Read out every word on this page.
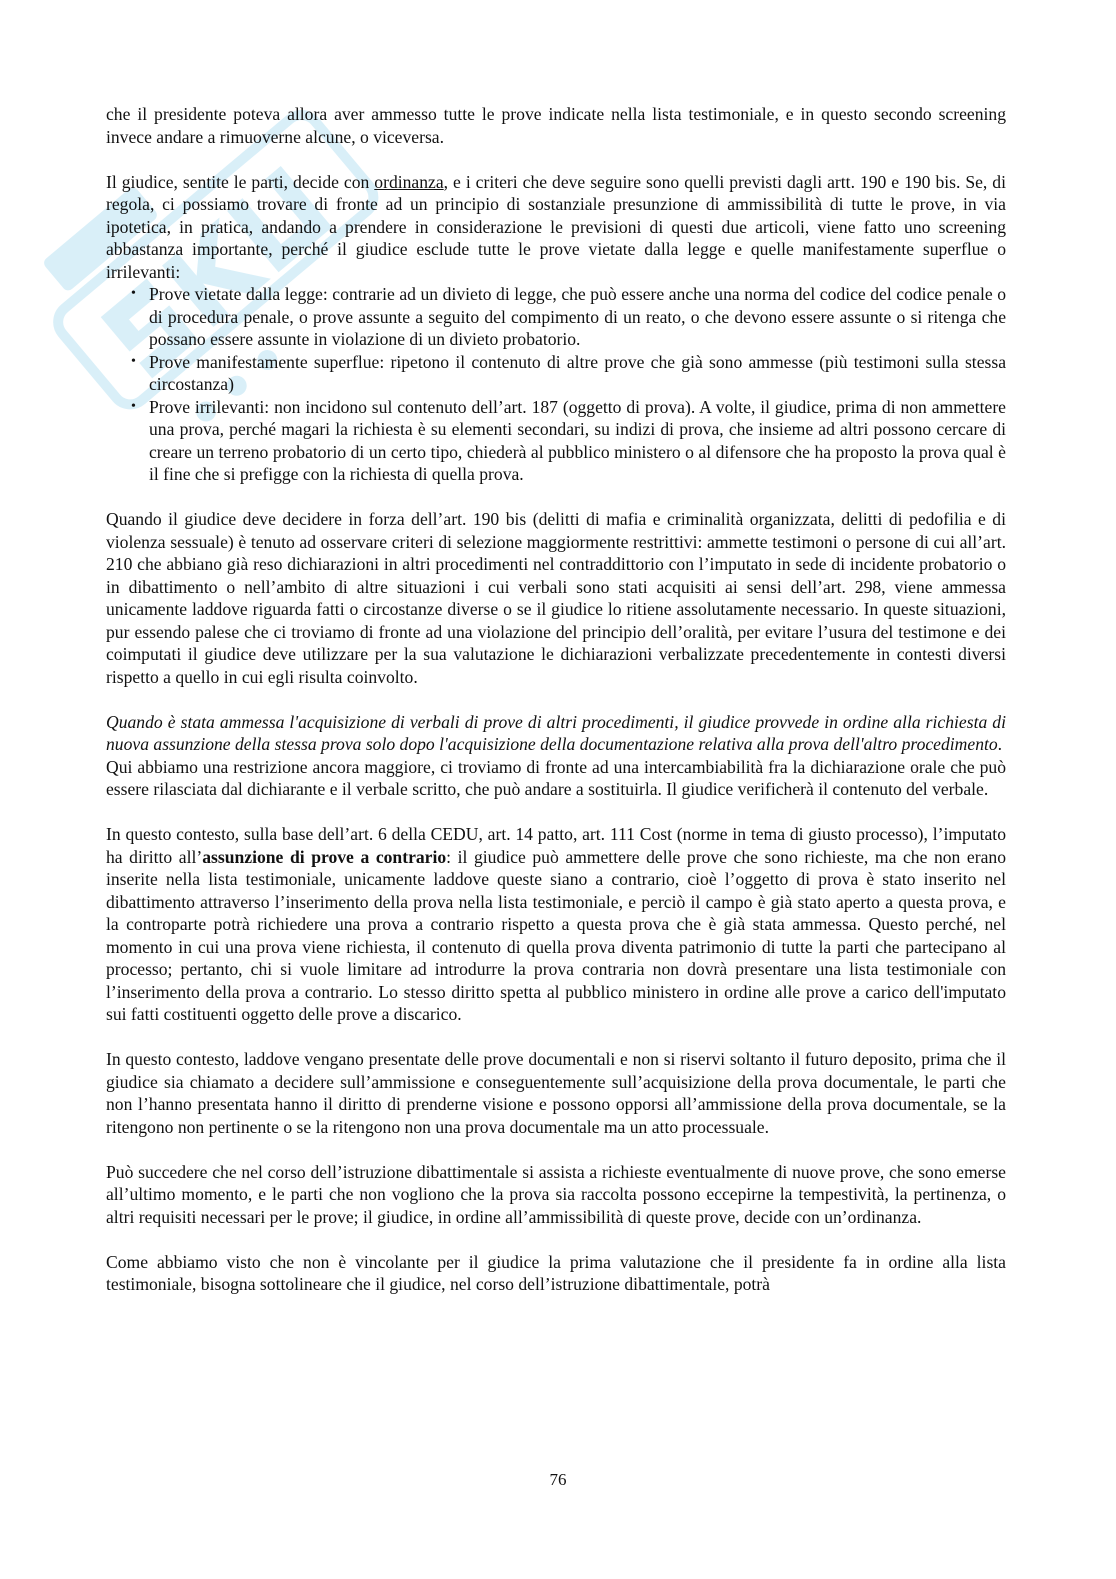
che il presidente poteva allora aver ammesso tutte le prove indicate nella lista testimoniale, e in questo secondo screening invece andare a rimuoverne alcune, o viceversa.

Il giudice, sentite le parti, decide con ordinanza, e i criteri che deve seguire sono quelli previsti dagli artt. 190 e 190 bis. Se, di regola, ci possiamo trovare di fronte ad un principio di sostanziale presunzione di ammissibilità di tutte le prove, in via ipotetica, in pratica, andando a prendere in considerazione le previsioni di questi due articoli, viene fatto uno screening abbastanza importante, perché il giudice esclude tutte le prove vietate dalla legge e quelle manifestamente superflue o irrilevanti:

• Prove vietate dalla legge: contrarie ad un divieto di legge, che può essere anche una norma del codice del codice penale o di procedura penale, o prove assunte a seguito del compimento di un reato, o che devono essere assunte o si ritenga che possano essere assunte in violazione di un divieto probatorio.
• Prove manifestamente superflue: ripetono il contenuto di altre prove che già sono ammesse (più testimoni sulla stessa circostanza)
• Prove irrilevanti: non incidono sul contenuto dell’art. 187 (oggetto di prova). A volte, il giudice, prima di non ammettere una prova, perché magari la richiesta è su elementi secondari, su indizi di prova, che insieme ad altri possono cercare di creare un terreno probatorio di un certo tipo, chiederà al pubblico ministero o al difensore che ha proposto la prova qual è il fine che si prefigge con la richiesta di quella prova.

Quando il giudice deve decidere in forza dell’art. 190 bis (delitti di mafia e criminalità organizzata, delitti di pedofilia e di violenza sessuale) è tenuto ad osservare criteri di selezione maggiormente restrittivi: ammette testimoni o persone di cui all’art. 210 che abbiano già reso dichiarazioni in altri procedimenti nel contraddittorio con l’imputato in sede di incidente probatorio o in dibattimento o nell’ambito di altre situazioni i cui verbali sono stati acquisiti ai sensi dell’art. 298, viene ammessa unicamente laddove riguarda fatti o circostanze diverse o se il giudice lo ritiene assolutamente necessario. In queste situazioni, pur essendo palese che ci troviamo di fronte ad una violazione del principio dell’oralità, per evitare l’usura del testimone e dei coimputati il giudice deve utilizzare per la sua valutazione le dichiarazioni verbalizzate precedentemente in contesti diversi rispetto a quello in cui egli risulta coinvolto.

Quando è stata ammessa l'acquisizione di verbali di prove di altri procedimenti, il giudice provvede in ordine alla richiesta di nuova assunzione della stessa prova solo dopo l'acquisizione della documentazione relativa alla prova dell'altro procedimento.

Qui abbiamo una restrizione ancora maggiore, ci troviamo di fronte ad una intercambiabilità fra la dichiarazione orale che può essere rilasciata dal dichiarante e il verbale scritto, che può andare a sostituirla. Il giudice verificherà il contenuto del verbale.

In questo contesto, sulla base dell’art. 6 della CEDU, art. 14 patto, art. 111 Cost (norme in tema di giusto processo), l’imputato ha diritto all’assunzione di prove a contrario: il giudice può ammettere delle prove che sono richieste, ma che non erano inserite nella lista testimoniale, unicamente laddove queste siano a contrario, cioè l’oggetto di prova è stato inserito nel dibattimento attraverso l’inserimento della prova nella lista testimoniale, e perciò il campo è già stato aperto a questa prova, e la controparte potrà richiedere una prova a contrario rispetto a questa prova che è già stata ammessa. Questo perché, nel momento in cui una prova viene richiesta, il contenuto di quella prova diventa patrimonio di tutte la parti che partecipano al processo; pertanto, chi si vuole limitare ad introdurre la prova contraria non dovrà presentare una lista testimoniale con l’inserimento della prova a contrario. Lo stesso diritto spetta al pubblico ministero in ordine alle prove a carico dell'imputato sui fatti costituenti oggetto delle prove a discarico.

In questo contesto, laddove vengano presentate delle prove documentali e non si riservi soltanto il futuro deposito, prima che il giudice sia chiamato a decidere sull’ammissione e conseguentemente sull’acquisizione della prova documentale, le parti che non l’hanno presentata hanno il diritto di prenderne visione e possono opporsi all’ammissione della prova documentale, se la ritengono non pertinente o se la ritengono non una prova documentale ma un atto processuale.

Può succedere che nel corso dell’istruzione dibattimentale si assista a richieste eventualmente di nuove prove, che sono emerse all’ultimo momento, e le parti che non vogliono che la prova sia raccolta possono eccepirne la tempestività, la pertinenza, o altri requisiti necessari per le prove; il giudice, in ordine all’ammissibilità di queste prove, decide con un’ordinanza.

Come abbiamo visto che non è vincolante per il giudice la prima valutazione che il presidente fa in ordine alla lista testimoniale, bisogna sottolineare che il giudice, nel corso dell’istruzione dibattimentale, potrà

76
